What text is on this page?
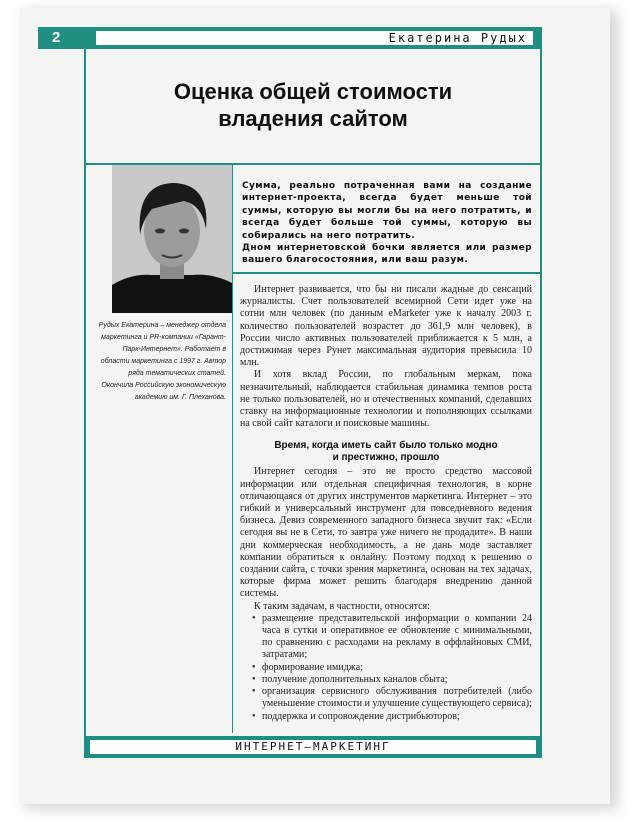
2	Екатерина Рудых
Оценка общей стоимости
владения сайтом
Рудых Екатерина – менеджер отдела маркетинга и PR-компании «Гарант-Парк-Интернет». Работает в области маркетинга с 1997 г. Автор ряда тематических статей. Окончила Российскую экономическую академию им. Г. Плеханова.

Сумма, реально потраченная вами на создание интернет-проекта, всегда будет меньше той суммы, которую вы могли бы на него потратить, и всегда будет больше той суммы, которую вы собирались на него потратить.

Дном интернетовской бочки является или размер вашего благосостояния, или ваш разум.

Интернет развивается, что бы ни писали жадные до сенсаций журналисты. Счет пользователей всемирной Сети идет уже на сотни млн человек (по данным eMarketer уже к началу 2003 г. количество пользователей возрастет до 361,9 млн человек), в России число активных пользователей приближается к 5 млн, а достижимая через Рунет максимальная аудитория превысила 10 млн.

И хотя вклад России, по глобальным меркам, пока незначительный, наблюдается стабильная динамика темпов роста не только пользователей, но и отечественных компаний, сделавших ставку на информационные технологии и пополняющих ссылками на свой сайт каталоги и поисковые машины.

Время, когда иметь сайт было только модно
и престижно, прошло

Интернет сегодня – это не просто средство массовой информации или отдельная специфичная технология, в корне отличающаяся от других инструментов маркетинга. Интернет – это гибкий и универсальный инструмент для повседневного ведения бизнеса. Девиз современного западного бизнеса звучит так: «Если сегодня вы не в Сети, то завтра уже ничего не продадите». В наши дни коммерческая необходимость, а не дань моде заставляет компании обратиться к онлайну. Поэтому подход к решению о создании сайта, с точки зрения маркетинга, основан на тех задачах, которые фирма может решить благодаря внедрению данной системы.

К таким задачам, в частности, относятся:

• размещение представительской информации о компании 24 часа в сутки и оперативное ее обновление с минимальными, по сравнению с расходами на рекламу в оффлайновых СМИ, затратами;
• формирование имиджа;
• получение дополнительных каналов сбыта;
• организация сервисного обслуживания потребителей (либо уменьшение стоимости и улучшение существующего сервиса);
• поддержка и сопровождение дистрибьюторов;
ИНТЕРНЕТ–МАРКЕТИНГ
